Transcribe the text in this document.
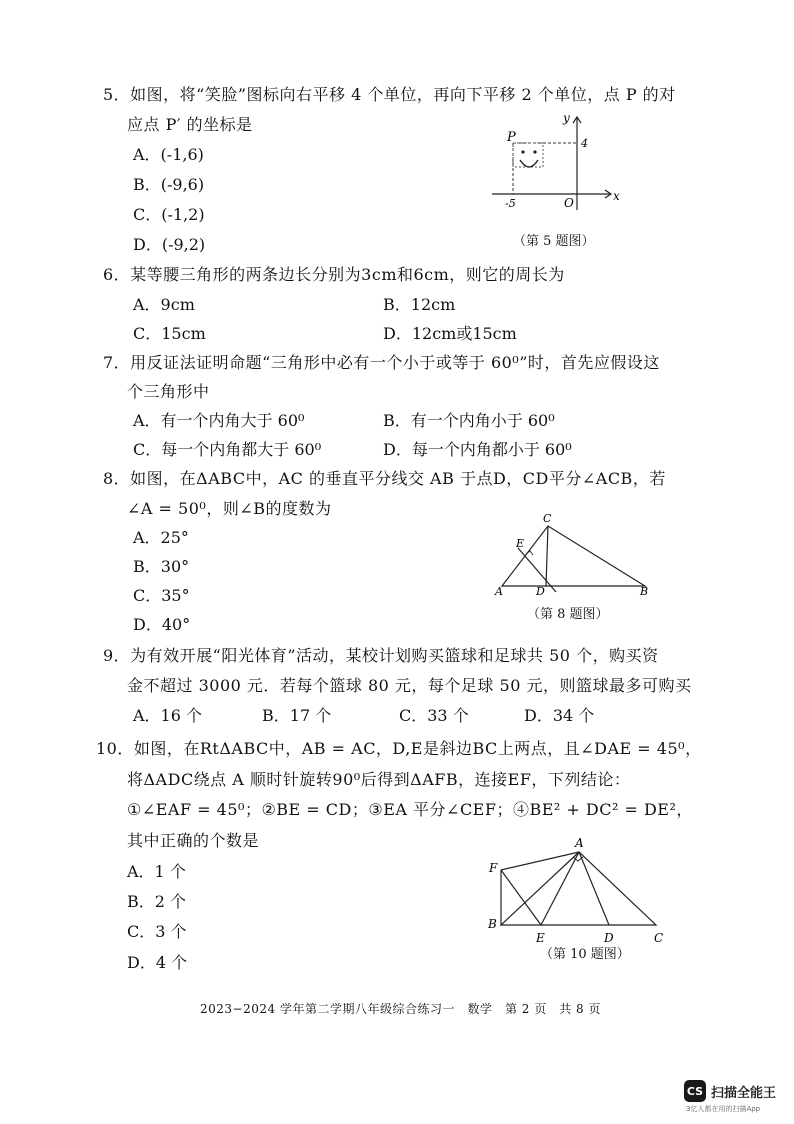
5．如图，将“笑脸”图标向右平移 4 个单位，再向下平移 2 个单位，点 P 的对
应点 P′ 的坐标是
A．(-1,6)
B．(-9,6)
C．(-1,2)
D．(-9,2)
P
y
4
x
O
-5
（第 5 题图）
6．某等腰三角形的两条边长分别为3cm和6cm，则它的周长为
A．9cm	B．12cm
C．15cm	D．12cm或15cm
7．用反证法证明命题“三角形中必有一个小于或等于 60⁰”时，首先应假设这
个三角形中
A．有一个内角大于 60⁰	B．有一个内角小于 60⁰
C．每一个内角都大于 60⁰	D．每一个内角都小于 60⁰
8．如图，在ΔABC中，AC 的垂直平分线交 AB 于点D，CD平分∠ACB，若
∠A = 50⁰，则∠B的度数为
A．25°
B．30°
C．35°
D．40°
C
E
A	D	B
（第 8 题图）
9．为有效开展“阳光体育”活动，某校计划购买篮球和足球共 50 个，购买资
金不超过 3000 元．若每个篮球 80 元，每个足球 50 元，则篮球最多可购买
A．16 个	B．17 个	C．33 个	D．34 个
10．如图，在RtΔABC中，AB = AC，D,E是斜边BC上两点，且∠DAE = 45⁰，
将ΔADC绕点 A 顺时针旋转90⁰后得到ΔAFB，连接EF，下列结论：
①∠EAF = 45⁰；②BE = CD；③EA 平分∠CEF；④BE² + DC² = DE²，
其中正确的个数是
A．1 个
B．2 个
C．3 个
D．4 个
A
F
B
E	D	C
（第 10 题图）
2023−2024 学年第二学期八年级综合练习一　数学　第 2 页　共 8 页
CS 扫描全能王
3亿人都在用的扫描App
